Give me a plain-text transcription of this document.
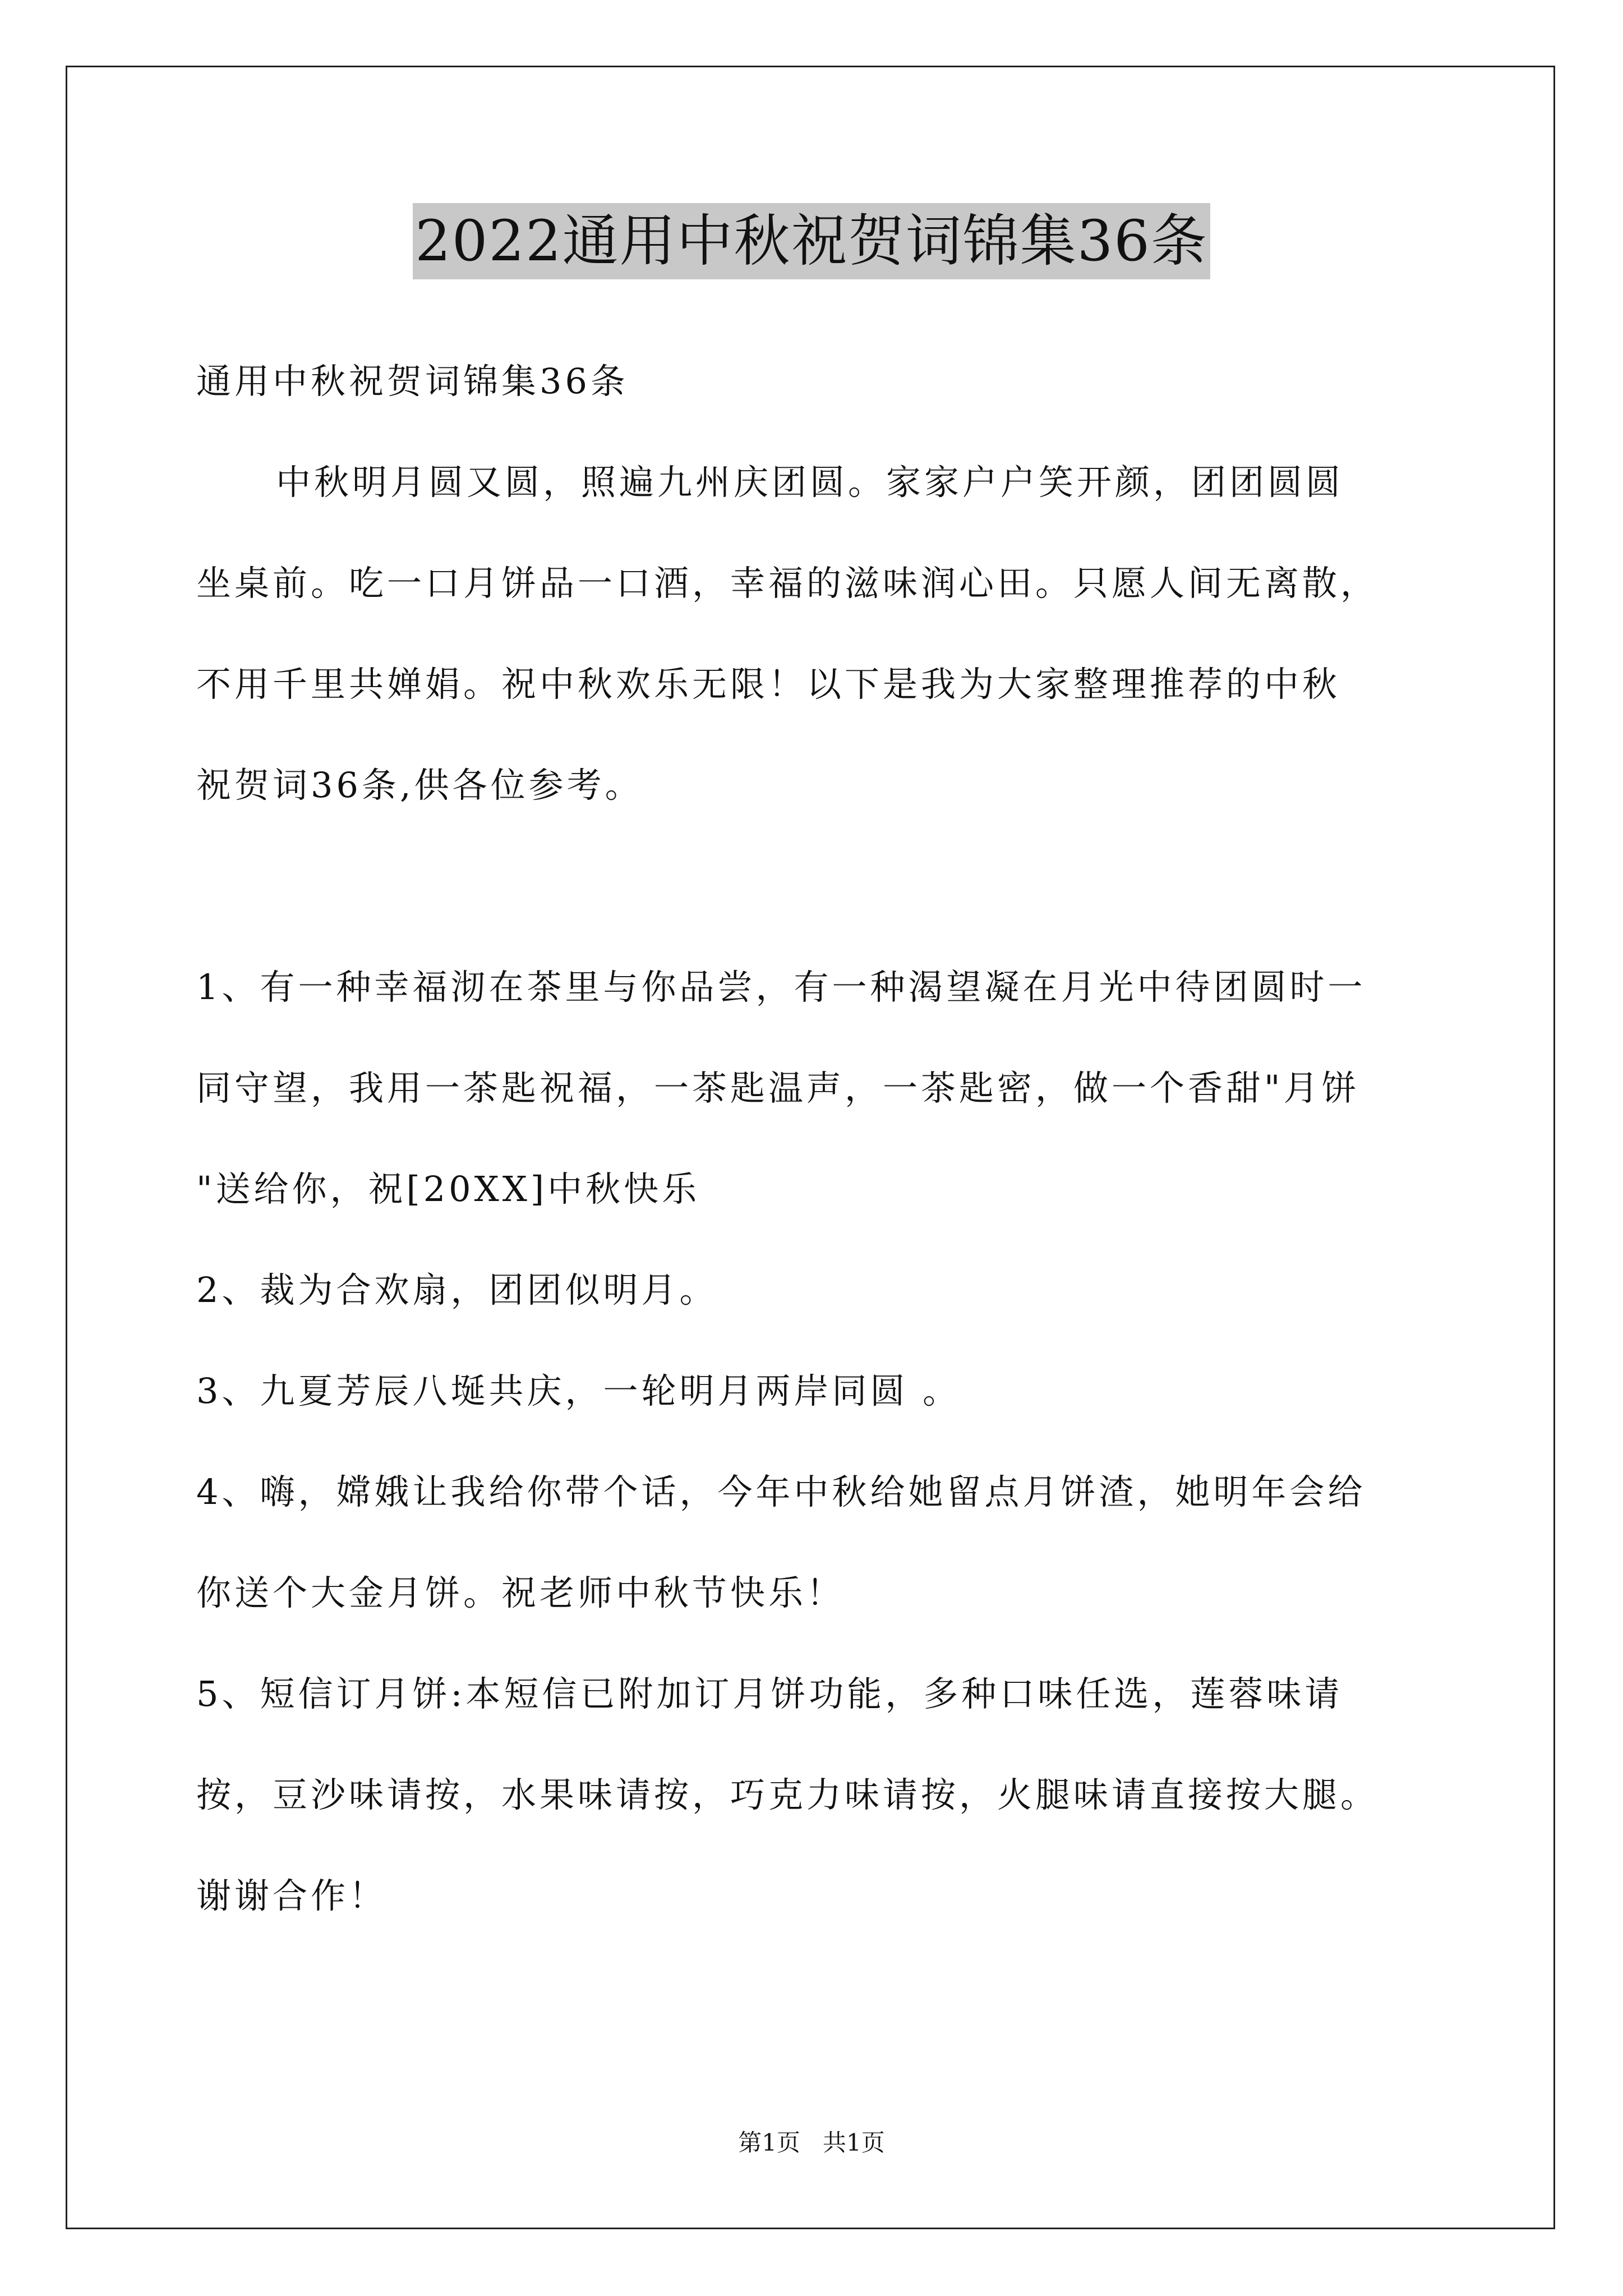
2022通用中秋祝贺词锦集36条
通用中秋祝贺词锦集36条
中秋明月圆又圆，照遍九州庆团圆。家家户户笑开颜，团团圆圆
坐桌前。吃一口月饼品一口酒，幸福的滋味润心田。只愿人间无离散，
不用千里共婵娟。祝中秋欢乐无限！以下是我为大家整理推荐的中秋
祝贺词36条,供各位参考。
1、有一种幸福沏在茶里与你品尝，有一种渴望凝在月光中待团圆时一
同守望，我用一茶匙祝福，一茶匙温声，一茶匙密，做一个香甜"月饼
"送给你，祝[20XX]中秋快乐
2、裁为合欢扇，团团似明月。
3、九夏芳辰八埏共庆，一轮明月两岸同圆 。
4、嗨，嫦娥让我给你带个话，今年中秋给她留点月饼渣，她明年会给
你送个大金月饼。祝老师中秋节快乐！
5、短信订月饼:本短信已附加订月饼功能，多种口味任选，莲蓉味请
按，豆沙味请按，水果味请按，巧克力味请按，火腿味请直接按大腿。
谢谢合作！
第1页   共1页
